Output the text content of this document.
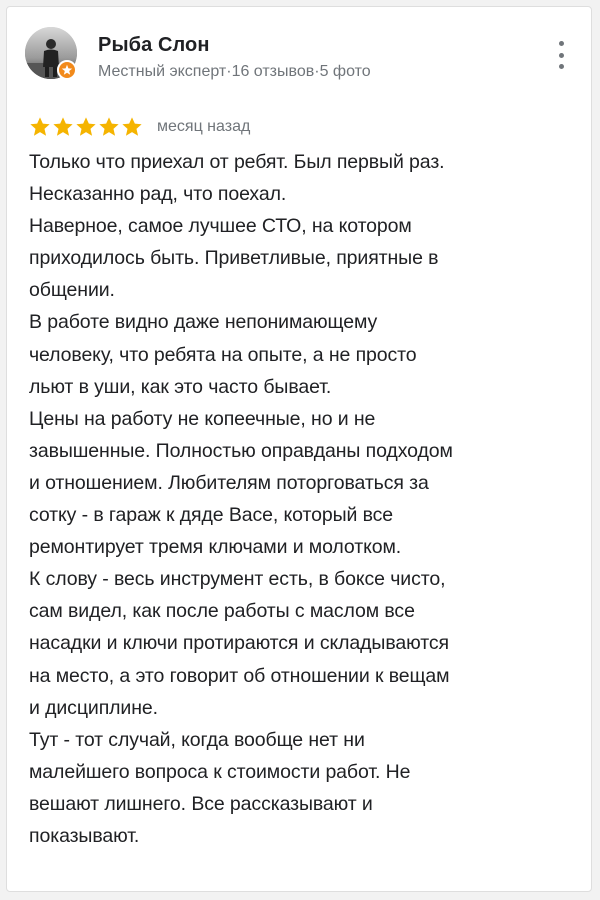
Рыба Слон
Местный эксперт·16 отзывов·5 фото
месяц назад
Только что приехал от ребят. Был первый раз.
Несказанно рад, что поехал.
Наверное, самое лучшее СТО, на котором
приходилось быть. Приветливые, приятные в
общении.
В работе видно даже непонимающему
человеку, что ребята на опыте, а не просто
льют в уши, как это часто бывает.
Цены на работу не копеечные, но и не
завышенные. Полностью оправданы подходом
и отношением. Любителям поторговаться за
сотку - в гараж к дяде Васе, который все
ремонтирует тремя ключами и молотком.
К слову - весь инструмент есть, в боксе чисто,
сам видел, как после работы с маслом все
насадки и ключи протираются и складываются
на место, а это говорит об отношении к вещам
и дисциплине.
Тут - тот случай, когда вообще нет ни
малейшего вопроса к стоимости работ. Не
вешают лишнего. Все рассказывают и
показывают.
